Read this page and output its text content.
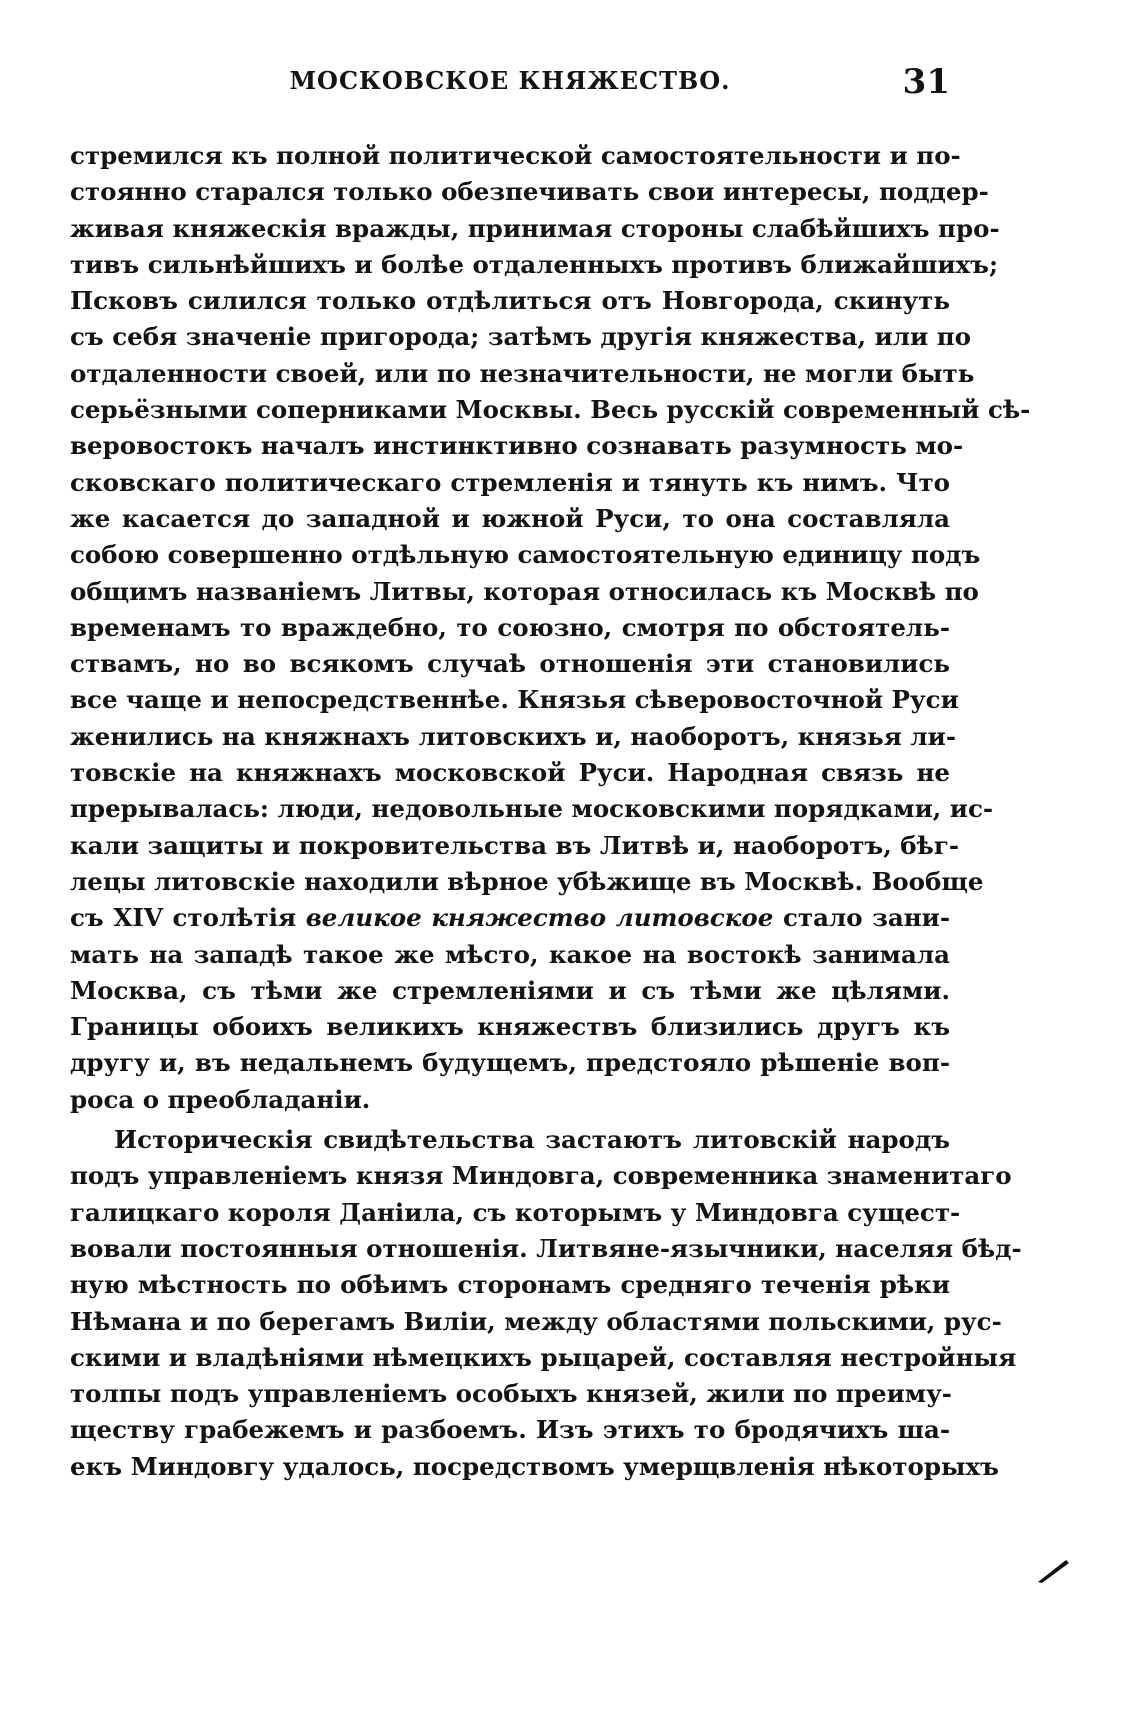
МОСКОВСКОЕ КНЯЖЕСТВО.	31
стремился къ полной политической самостоятельности и по-
стоянно старался только обезпечивать свои интересы, поддер-
живая княжескія вражды, принимая стороны слабѣйшихъ про-
тивъ сильнѣйшихъ и болѣе отдаленныхъ противъ ближайшихъ;
Псковъ силился только отдѣлиться отъ Новгорода, скинуть
съ себя значеніе пригорода; затѣмъ другія княжества, или по
отдаленности своей, или по незначительности, не могли быть
серьёзными соперниками Москвы. Весь русскій современный сѣ-
веровостокъ началъ инстинктивно сознавать разумность мо-
сковскаго политическаго стремленія и тянуть къ нимъ. Что
же касается до западной и южной Руси, то она составляла
собою совершенно отдѣльную самостоятельную единицу подъ
общимъ названіемъ Литвы, которая относилась къ Москвѣ по
временамъ то враждебно, то союзно, смотря по обстоятель-
ствамъ, но во всякомъ случаѣ отношенія эти становились
все чаще и непосредственнѣе. Князья сѣверовосточной Руси
женились на княжнахъ литовскихъ и, наоборотъ, князья ли-
товскіе на княжнахъ московской Руси. Народная связь не
прерывалась: люди, недовольные московскими порядками, ис-
кали защиты и покровительства въ Литвѣ и, наоборотъ, бѣг-
лецы литовскіе находили вѣрное убѣжище въ Москвѣ. Вообще
съ XIV столѣтія великое княжество литовское стало зани-
мать на западѣ такое же мѣсто, какое на востокѣ занимала
Москва, съ тѣми же стремленіями и съ тѣми же цѣлями.
Границы обоихъ великихъ княжествъ близились другъ къ
другу и, въ недальнемъ будущемъ, предстояло рѣшеніе воп-
роса о преобладаніи.
Историческія свидѣтельства застаютъ литовскій народъ
подъ управленіемъ князя Миндовга, современника знаменитаго
галицкаго короля Даніила, съ которымъ у Миндовга сущест-
вовали постоянныя отношенія. Литвяне-язычники, населяя бѣд-
ную мѣстность по обѣимъ сторонамъ средняго теченія рѣки
Нѣмана и по берегамъ Виліи, между областями польскими, рус-
скими и владѣніями нѣмецкихъ рыцарей, составляя нестройныя
толпы подъ управленіемъ особыхъ князей, жили по преиму-
ществу грабежемъ и разбоемъ. Изъ этихъ то бродячихъ ша-
екъ Миндовгу удалось, посредствомъ умерщвленія нѣкоторыхъ
